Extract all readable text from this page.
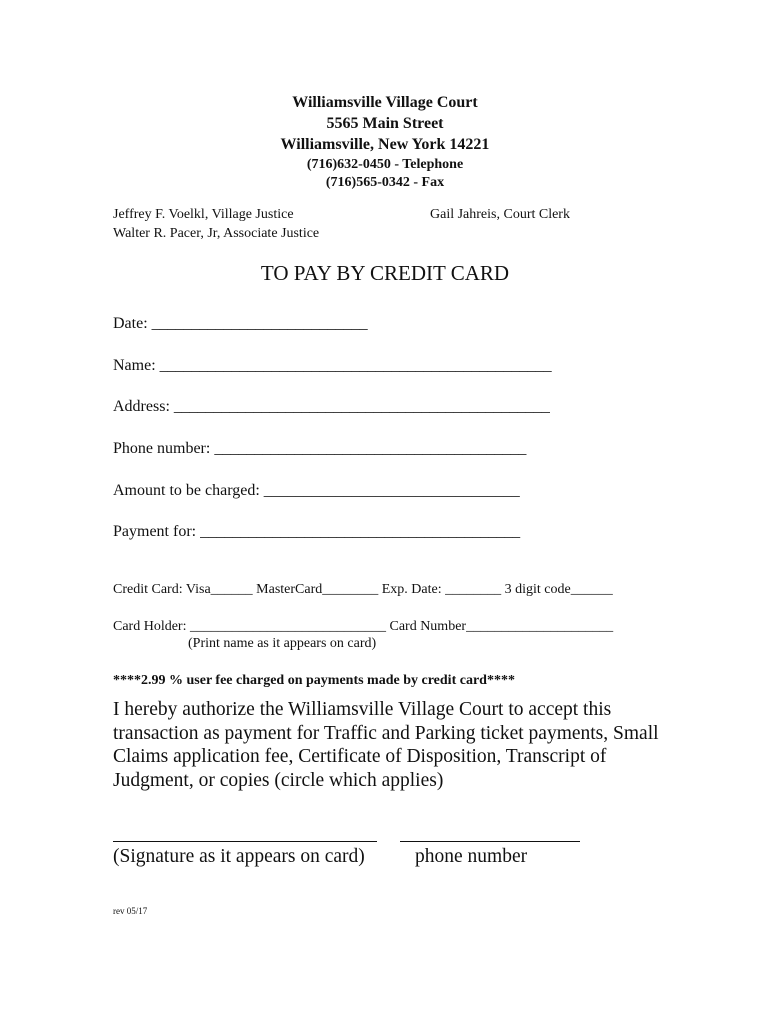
Williamsville Village Court
5565 Main Street
Williamsville, New York 14221
(716)632-0450 - Telephone
(716)565-0342 - Fax
Jeffrey F. Voelkl, Village Justice
Walter R. Pacer, Jr, Associate Justice
Gail Jahreis, Court Clerk
TO PAY BY CREDIT CARD
Date: ___________________________
Name: _________________________________________________
Address: _______________________________________________
Phone number: _______________________________________
Amount to be charged: ________________________________
Payment for: ________________________________________
Credit Card: Visa______ MasterCard________ Exp. Date: ________ 3 digit code______
Card Holder: ____________________________ Card Number_____________________
(Print name as it appears on card)
****2.99 % user fee charged on payments made by credit card****
I hereby authorize the Williamsville Village Court to accept this transaction as payment for Traffic and Parking ticket payments, Small Claims application fee, Certificate of Disposition, Transcript of Judgment, or copies (circle which applies)
(Signature as it appears on card)	phone number
rev 05/17
